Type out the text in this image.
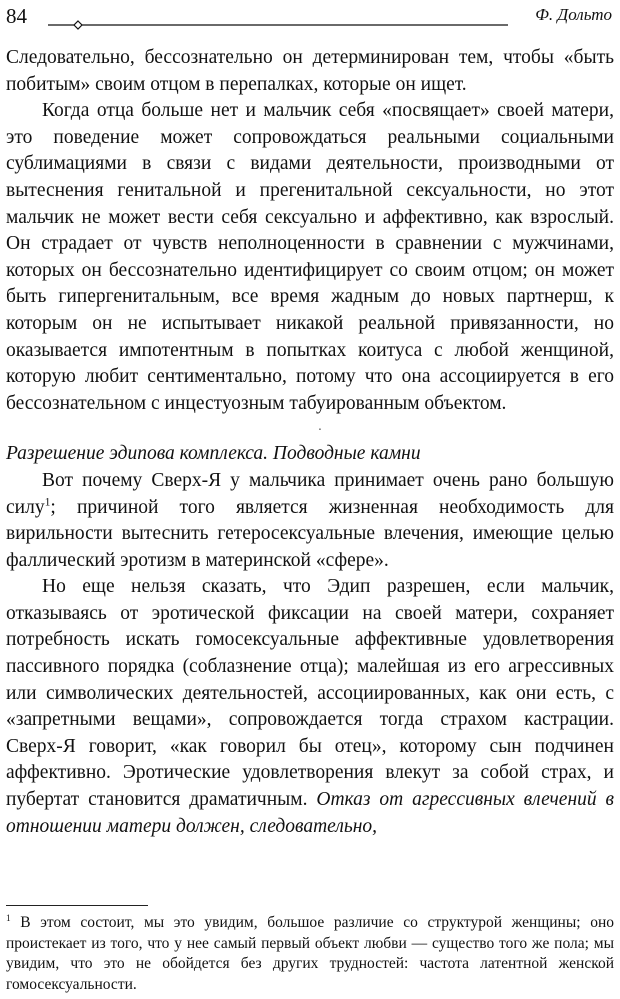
84	Ф. Дольто

Следовательно, бессознательно он детерминирован тем, чтобы «быть побитым» своим отцом в перепалках, которые он ищет.

Когда отца больше нет и мальчик себя «посвящает» своей матери, это поведение может сопровождаться реальными социальными сублимациями в связи с видами деятельности, производными от вытеснения генитальной и прегенитальной сексуальности, но этот мальчик не может вести себя сексуально и аффективно, как взрослый. Он страдает от чувств неполноценности в сравнении с мужчинами, которых он бессознательно идентифицирует со своим отцом; он может быть гипергенитальным, все время жадным до новых партнерш, к которым он не испытывает никакой реальной привязанности, но оказывается импотентным в попытках коитуса с любой женщиной, которую любит сентиментально, потому что она ассоциируется в его бессознательном с инцестуозным табуированным объектом.

·

Разрешение эдипова комплекса. Подводные камни

Вот почему Сверх-Я у мальчика принимает очень рано большую силу$^1$; причиной того является жизненная необходимость для вирильности вытеснить гетеросексуальные влечения, имеющие целью фаллический эротизм в материнской «сфере».

Но еще нельзя сказать, что Эдип разрешен, если мальчик, отказываясь от эротической фиксации на своей матери, сохраняет потребность искать гомосексуальные аффективные удовлетворения пассивного порядка (соблазнение отца); малейшая из его агрессивных или символических деятельностей, ассоциированных, как они есть, с «запретными вещами», сопровождается тогда страхом кастрации. Сверх-Я говорит, «как говорил бы отец», которому сын подчинен аффективно. Эротические удовлетворения влекут за собой страх, и пубертат становится драматичным. Отказ от агрессивных влечений в отношении матери должен, следовательно,

$^1$ В этом состоит, мы это увидим, большое различие со структурой женщины; оно проистекает из того, что у нее самый первый объект любви — существо того же пола; мы увидим, что это не обойдется без других трудностей: частота латентной женской гомосексуальности.
